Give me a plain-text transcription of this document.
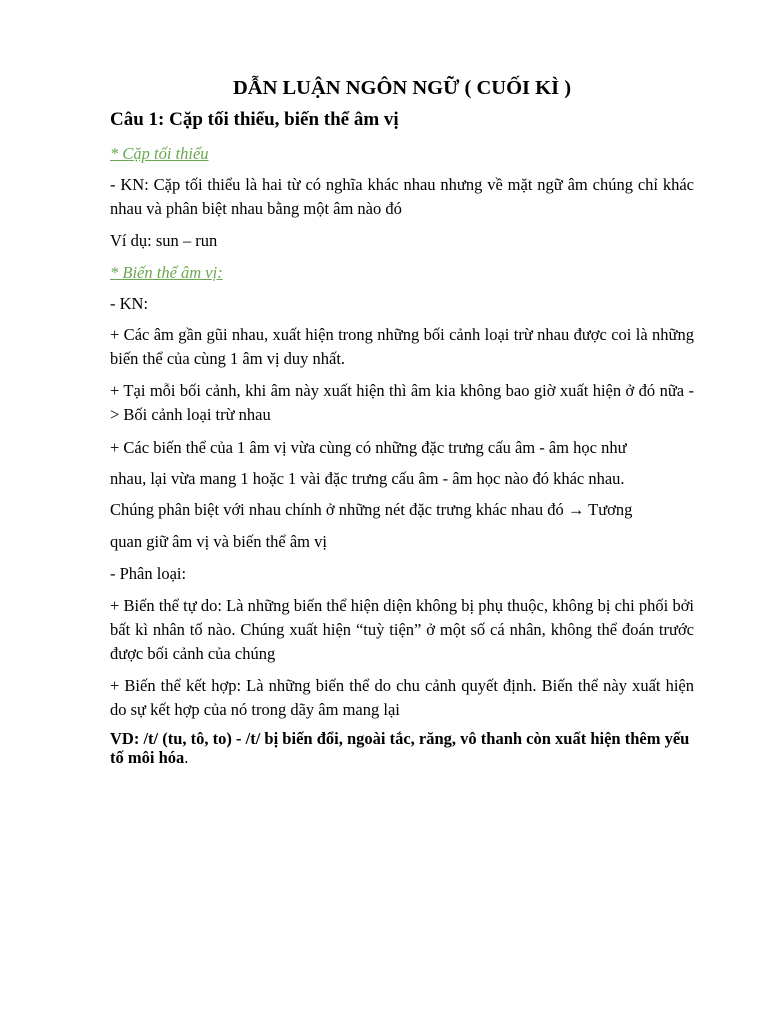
DẪN LUẬN NGÔN NGỮ ( CUỐI KÌ )
Câu 1: Cặp tối thiểu, biến thể âm vị
* Cặp tối thiểu
- KN: Cặp tối thiểu là hai từ có nghĩa khác nhau nhưng về mặt ngữ âm chúng chỉ khác nhau và phân biệt nhau bằng một âm nào đó
Ví dụ: sun – run
* Biến thể âm vị:
- KN:
+ Các âm gần gũi nhau, xuất hiện trong những bối cảnh loại trừ nhau được coi là những biến thể của cùng 1 âm vị duy nhất.
+ Tại mỗi bối cảnh, khi âm này xuất hiện thì âm kia không bao giờ xuất hiện ở đó nữa -> Bối cảnh loại trừ nhau
+ Các biến thể của 1 âm vị vừa cùng có những đặc trưng cấu âm - âm học như
nhau, lại vừa mang 1 hoặc 1 vài đặc trưng cấu âm - âm học nào đó khác nhau.
Chúng phân biệt với nhau chính ở những nét đặc trưng khác nhau đó → Tương
quan giữ âm vị và biến thể âm vị
- Phân loại:
+ Biến thể tự do: Là những biến thể hiện diện không bị phụ thuộc, không bị chi phối bởi bất kì nhân tố nào. Chúng xuất hiện “tuỳ tiện” ở một số cá nhân, không thể đoán trước được bối cảnh của chúng
+ Biến thể kết hợp: Là những biến thể do chu cảnh quyết định. Biến thể này xuất hiện do sự kết hợp của nó trong dãy âm mang lại
VD: /t/ (tu, tô, to) - /t/ bị biến đổi, ngoài tắc, răng, vô thanh còn xuất hiện thêm yếu tố môi hóa.
